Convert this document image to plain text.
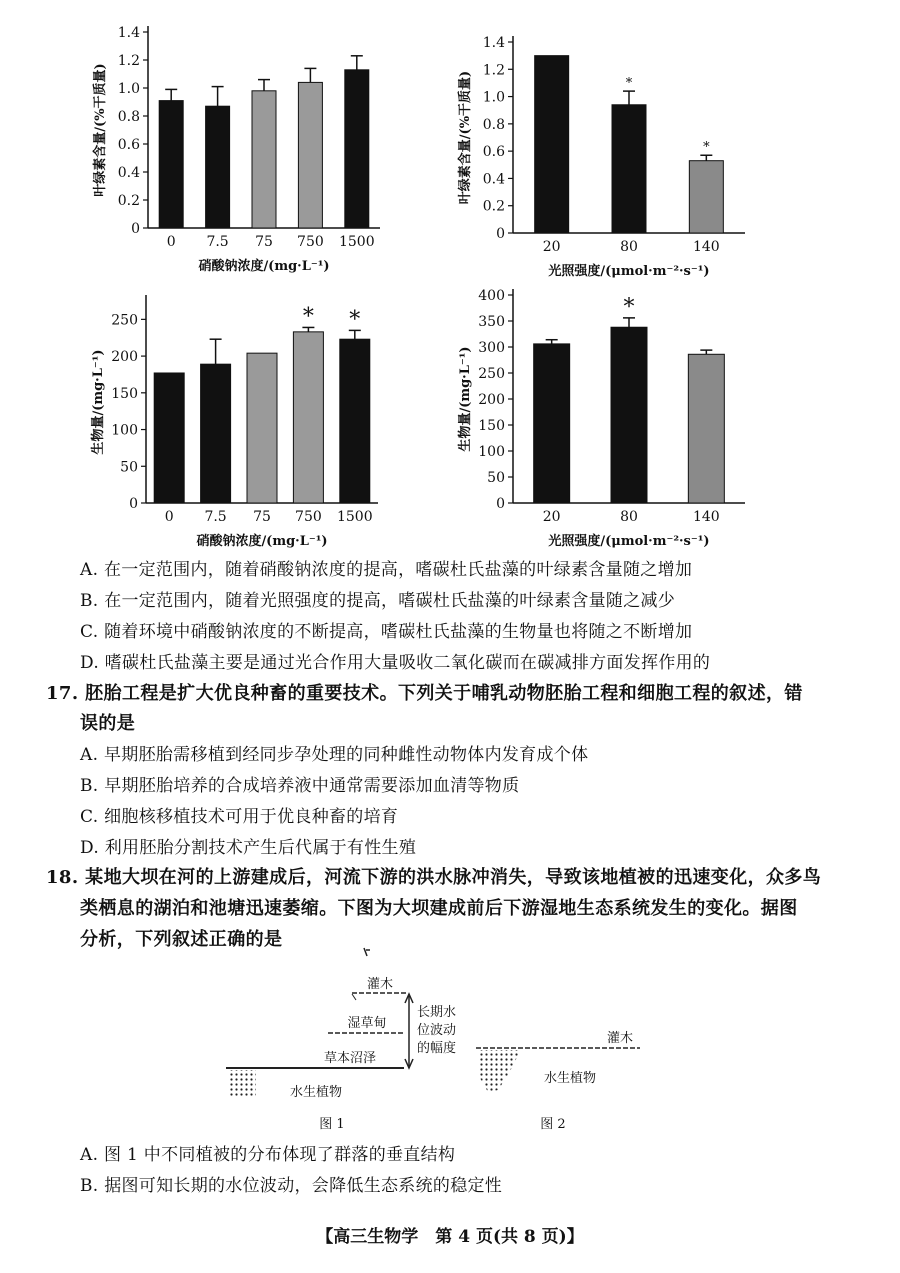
0
0.2
0.4
0.6
0.8
1.0
1.2
1.4
叶绿素含量/(%干质量)
0 7.5 75 750 1500
硝酸钠浓度/(mg·L⁻¹)
0
0.2
0.4
0.6
0.8
1.0
1.2
1.4
叶绿素含量/(%干质量)
20
*
80
*
140
光照强度/(μmol·m⁻²·s⁻¹)
0
50
100
150
200
250
生物量/(mg·L⁻¹)
0 7.5 75
*
750
*
1500
硝酸钠浓度/(mg·L⁻¹)
0
50
100
150
200
250
300
350
400
生物量/(mg·L⁻¹)
20
*
80	140
光照强度/(μmol·m⁻²·s⁻¹)
A. 在一定范围内，随着硝酸钠浓度的提高，嗜碳杜氏盐藻的叶绿素含量随之增加
B. 在一定范围内，随着光照强度的提高，嗜碳杜氏盐藻的叶绿素含量随之减少
C. 随着环境中硝酸钠浓度的不断提高，嗜碳杜氏盐藻的生物量也将随之不断增加
D. 嗜碳杜氏盐藻主要是通过光合作用大量吸收二氧化碳而在碳减排方面发挥作用的
17. 胚胎工程是扩大优良种畜的重要技术。下列关于哺乳动物胚胎工程和细胞工程的叙述，错
误的是
A. 早期胚胎需移植到经同步孕处理的同种雌性动物体内发育成个体
B. 早期胚胎培养的合成培养液中通常需要添加血清等物质
C. 细胞核移植技术可用于优良种畜的培育
D. 利用胚胎分割技术产生后代属于有性生殖
18. 某地大坝在河的上游建成后，河流下游的洪水脉冲消失，导致该地植被的迅速变化，众多鸟
类栖息的湖泊和池塘迅速萎缩。下图为大坝建成前后下游湿地生态系统发生的变化。据图
分析，下列叙述正确的是
灌木
湿草甸
草本沼泽
水生植物
长期水
位波动
的幅度
图 1
灌木
水生植物
图 2
A. 图 1 中不同植被的分布体现了群落的垂直结构
B. 据图可知长期的水位波动，会降低生态系统的稳定性
【高三生物学　第 4 页(共 8 页)】
